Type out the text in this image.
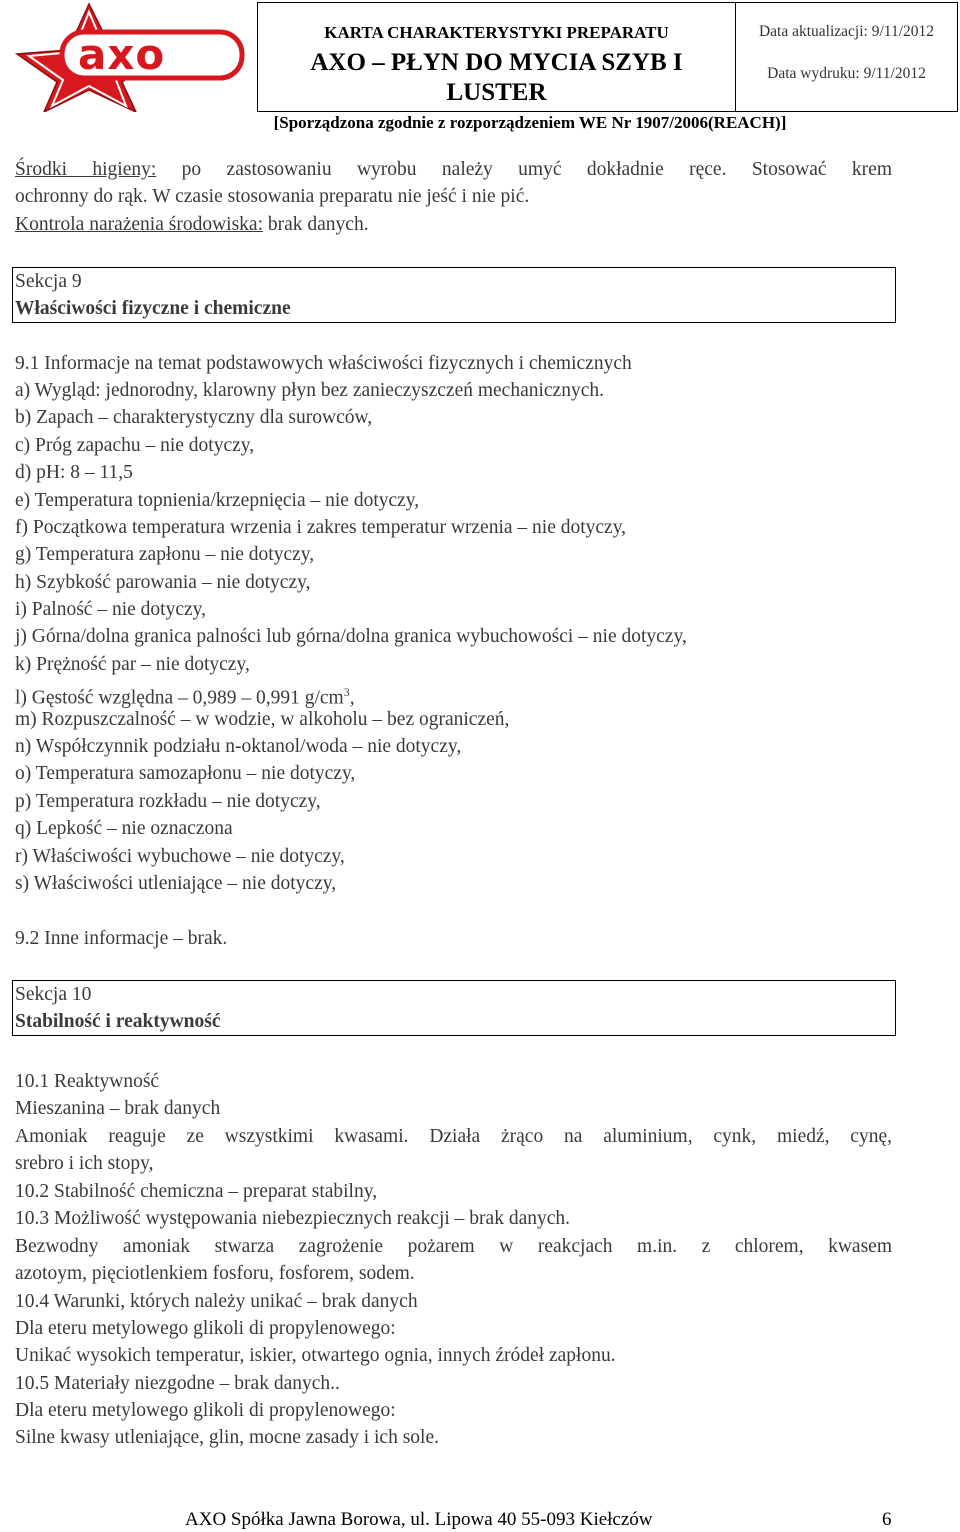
axo	KARTA CHARAKTERYSTYKI PREPARATU
AXO – PŁYN DO MYCIA SZYB I
LUSTER
Data aktualizacji: 9/11/2012
Data wydruku: 9/11/2012
[Sporządzona zgodnie z rozporządzeniem WE Nr 1907/2006(REACH)]
Środki higieny: po zastosowaniu wyrobu należy umyć dokładnie ręce. Stosować krem
ochronny do rąk. W czasie stosowania preparatu nie jeść i nie pić.
Kontrola narażenia środowiska: brak danych.
Sekcja 9
Właściwości fizyczne i chemiczne
9.1 Informacje na temat podstawowych właściwości fizycznych i chemicznych
a) Wygląd: jednorodny, klarowny płyn bez zanieczyszczeń mechanicznych.
b) Zapach – charakterystyczny dla surowców,
c) Próg zapachu – nie dotyczy,
d) pH: 8 – 11,5
e) Temperatura topnienia/krzepnięcia – nie dotyczy,
f) Początkowa temperatura wrzenia i zakres temperatur wrzenia – nie dotyczy,
g) Temperatura zapłonu – nie dotyczy,
h) Szybkość parowania – nie dotyczy,
i) Palność – nie dotyczy,
j) Górna/dolna granica palności lub górna/dolna granica wybuchowości – nie dotyczy,
k) Prężność par – nie dotyczy,
l) Gęstość względna – 0,989 – 0,991 $g/cm^3$,
m) Rozpuszczalność – w wodzie, w alkoholu – bez ograniczeń,
n) Współczynnik podziału n-oktanol/woda – nie dotyczy,
o) Temperatura samozapłonu – nie dotyczy,
p) Temperatura rozkładu – nie dotyczy,
q) Lepkość – nie oznaczona
r) Właściwości wybuchowe – nie dotyczy,
s) Właściwości utleniające – nie dotyczy,
9.2 Inne informacje – brak.
Sekcja 10
Stabilność i reaktywność
10.1 Reaktywność
Mieszanina – brak danych
Amoniak reaguje ze wszystkimi kwasami. Działa żrąco na aluminium, cynk, miedź, cynę,
srebro i ich stopy,
10.2 Stabilność chemiczna – preparat stabilny,
10.3 Możliwość występowania niebezpiecznych reakcji – brak danych.
Bezwodny amoniak stwarza zagrożenie pożarem w reakcjach m.in. z chlorem, kwasem
azotoym, pięciotlenkiem fosforu, fosforem, sodem.
10.4 Warunki, których należy unikać – brak danych
Dla eteru metylowego glikoli di propylenowego:
Unikać wysokich temperatur, iskier, otwartego ognia, innych źródeł zapłonu.
10.5 Materiały niezgodne – brak danych..
Dla eteru metylowego glikoli di propylenowego:
Silne kwasy utleniające, glin, mocne zasady i ich sole.
AXO Spółka Jawna Borowa, ul. Lipowa 40 55-093 Kiełczów	6
